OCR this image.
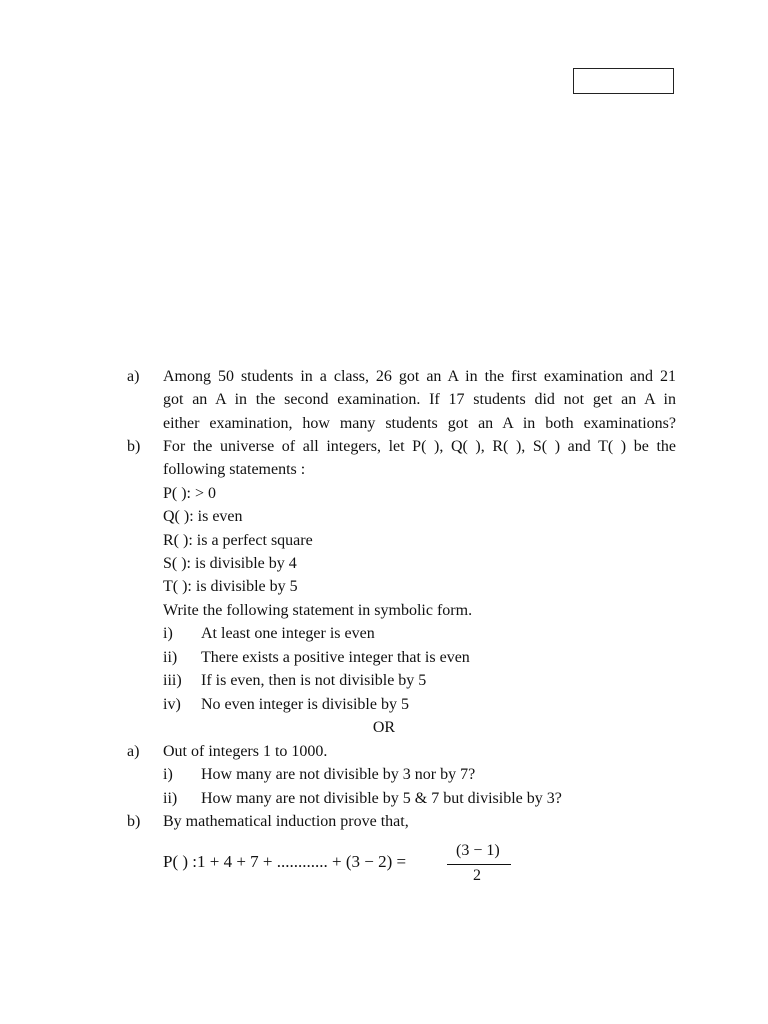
a) Among 50 students in a class, 26 got an A in the first examination and 21
got an A in the second examination. If 17 students did not get an A in
either examination, how many students got an A in both examinations?
b) For the universe of all integers, let P( ), Q( ), R( ), S( ) and T( ) be the
following statements :
P( ): > 0
Q( ): is even
R( ): is a perfect square
S( ): is divisible by 4
T( ): is divisible by 5
Write the following statement in symbolic form.
i) At least one integer is even
ii) There exists a positive integer that is even
iii) If is even, then is not divisible by 5
iv) No even integer is divisible by 5
OR
a) Out of integers 1 to 1000.
i) How many are not divisible by 3 nor by 7?
ii) How many are not divisible by 5 & 7 but divisible by 3?
b) By mathematical induction prove that,
P( ) :1 + 4 + 7 + ............ + (3 − 2) =
(3 − 1)
2
